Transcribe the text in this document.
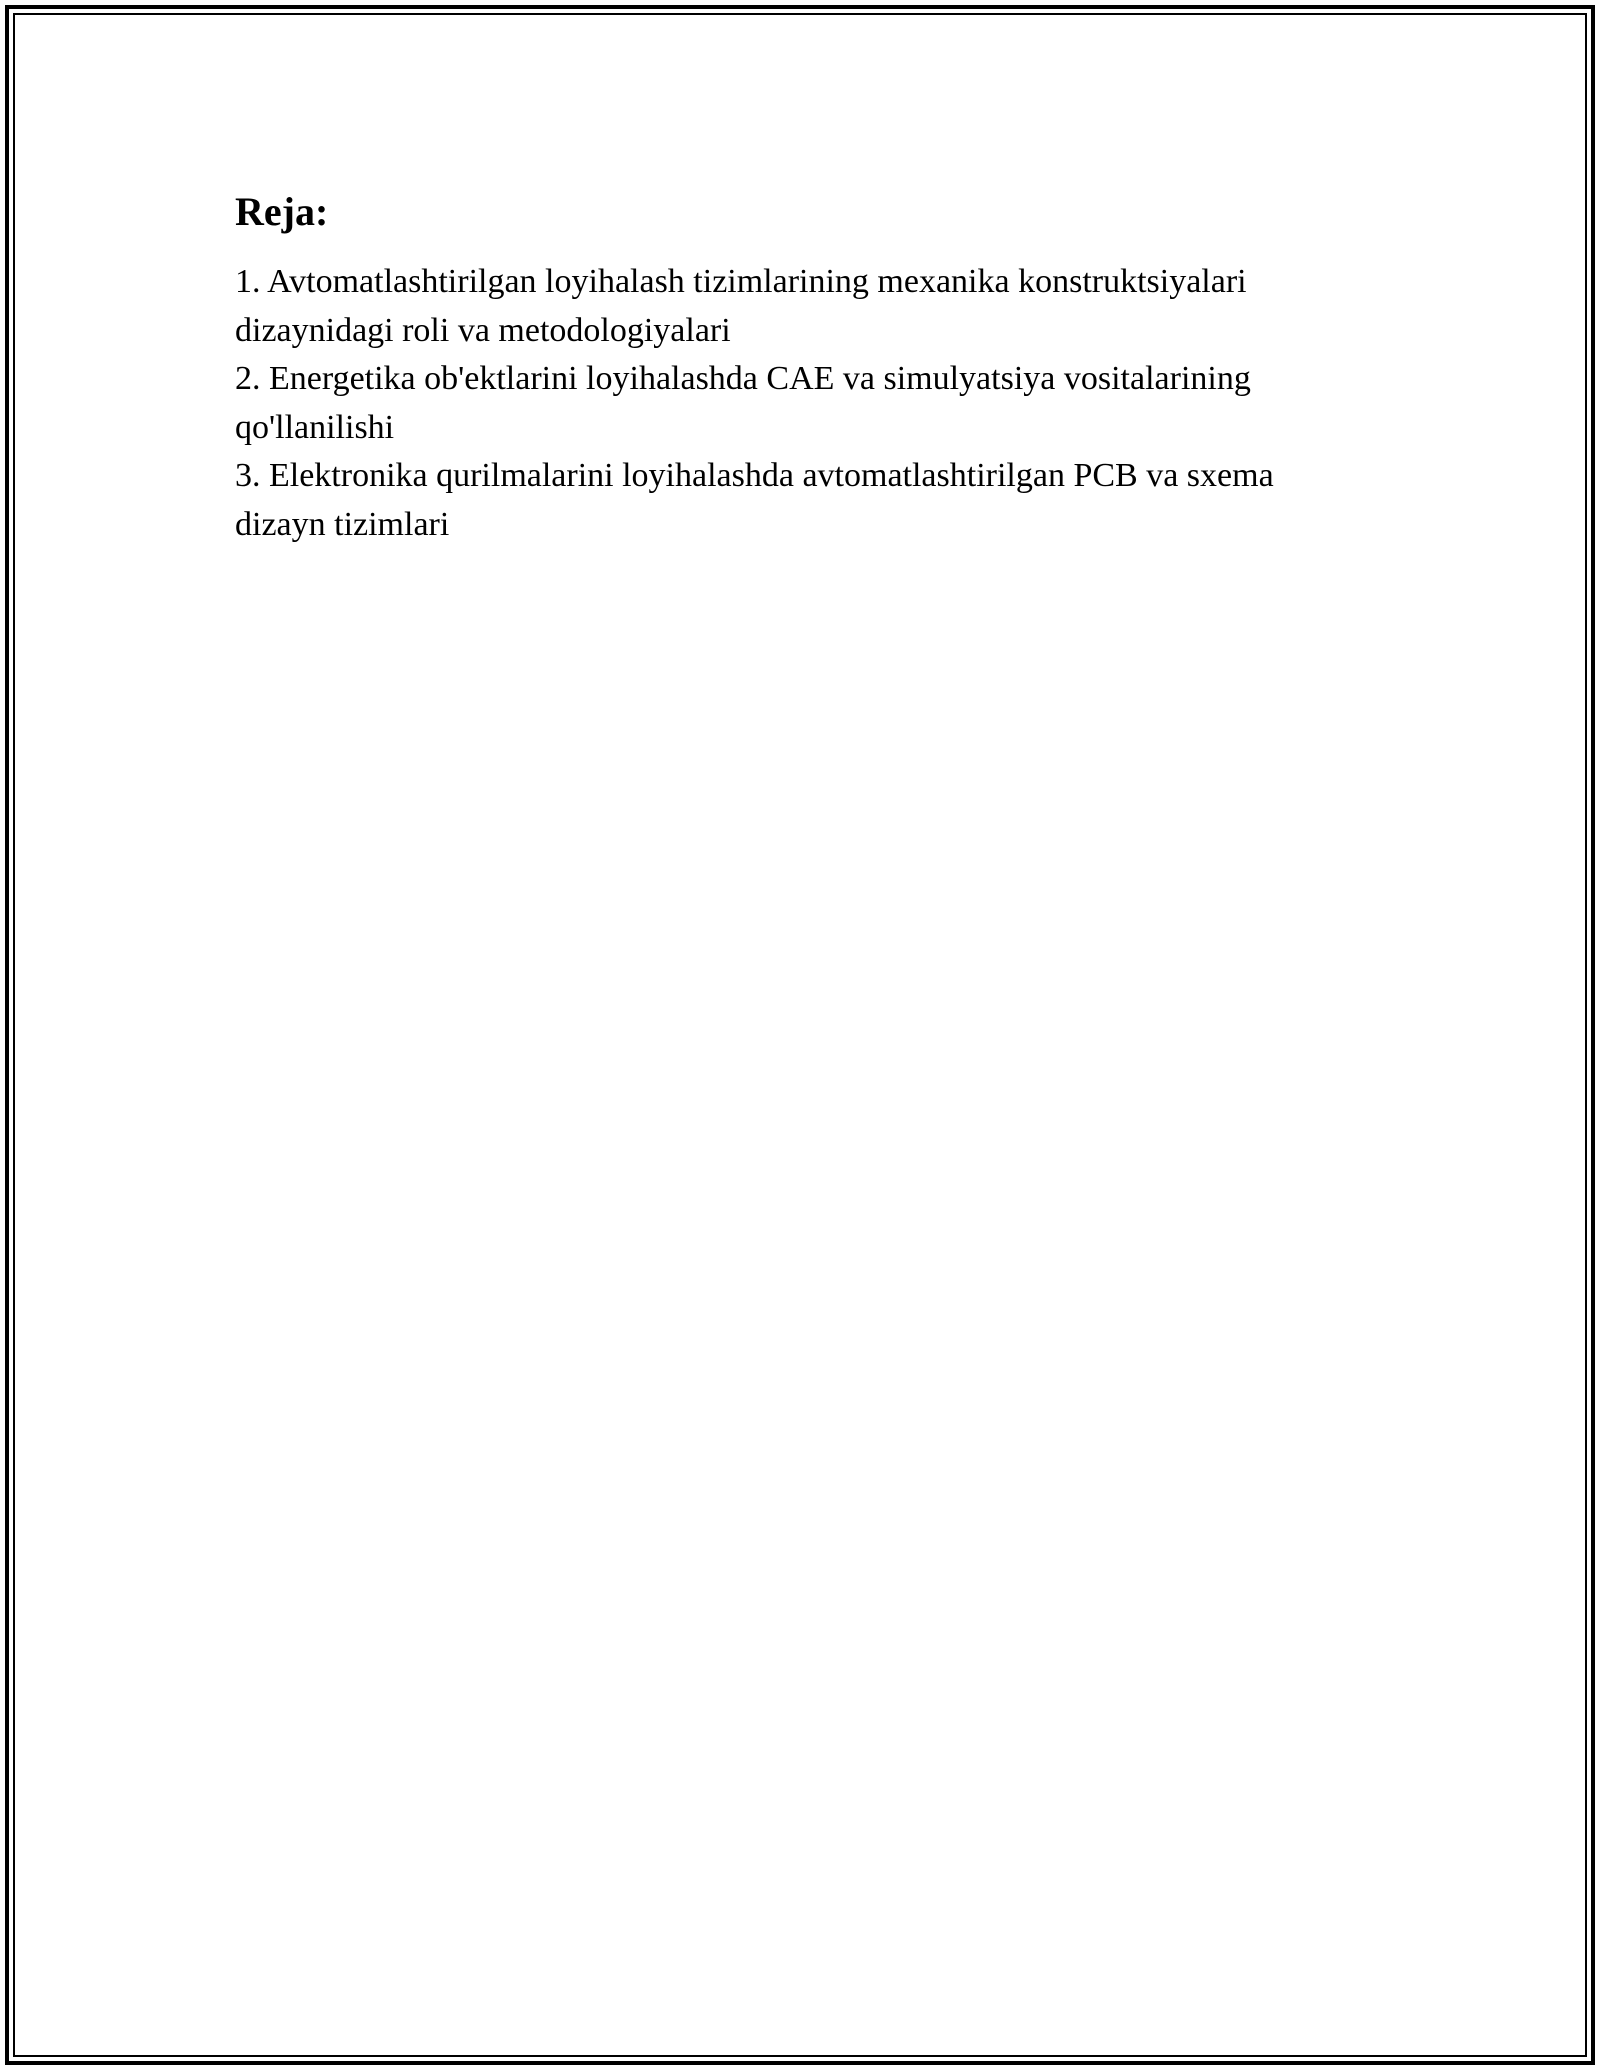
Reja:
1. Avtomatlashtirilgan loyihalash tizimlarining mexanika konstruktsiyalari dizaynidagi roli va metodologiyalari
2. Energetika ob'ektlarini loyihalashda CAE va simulyatsiya vositalarining qo'llanilishi
3. Elektronika qurilmalarini loyihalashda avtomatlashtirilgan PCB va sxema dizayn tizimlari
